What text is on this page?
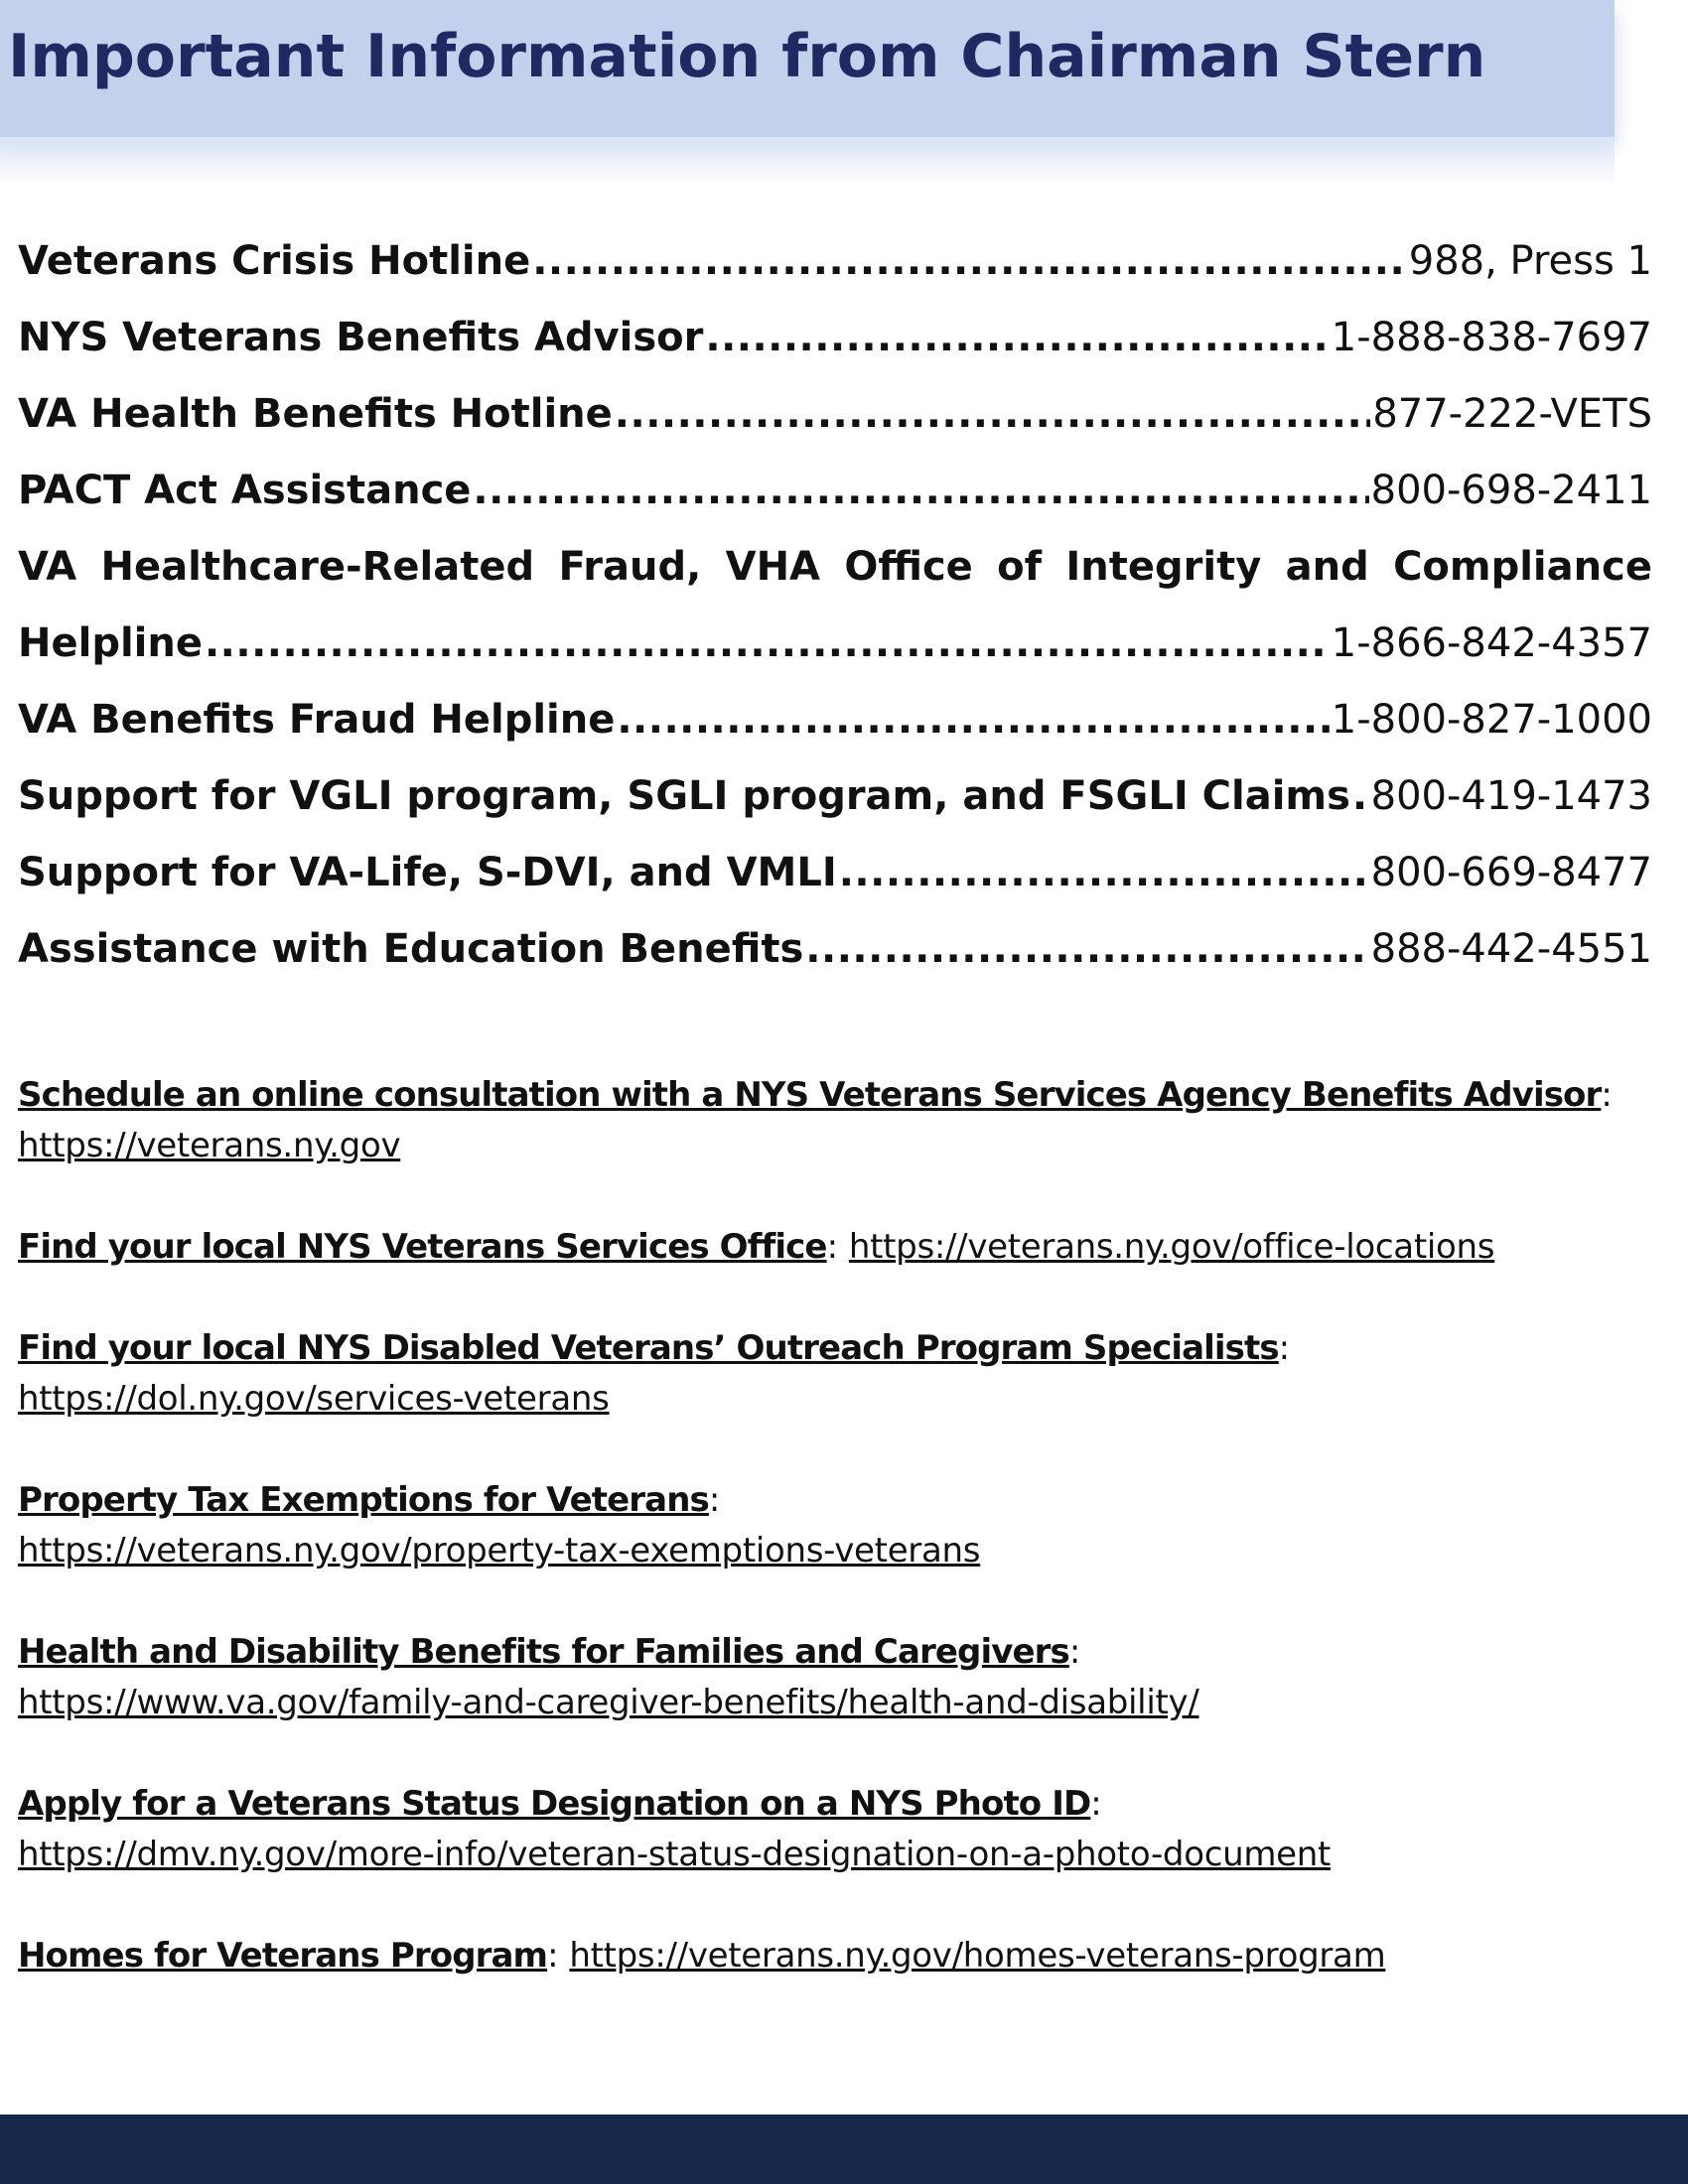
Important Information from Chairman Stern
Veterans Crisis Hotline .....	988, Press 1
NYS Veterans Benefits Advisor .....	1-888-838-7697
VA Health Benefits Hotline .....	877-222-VETS
PACT Act Assistance .....	800-698-2411
VA Healthcare-Related Fraud, VHA Office of Integrity and Compliance
Helpline .....	1-866-842-4357
VA Benefits Fraud Helpline .....	1-800-827-1000
Support for VGLI program, SGLI program, and FSGLI Claims ..... 800-419-1473
Support for VA-Life, S-DVI, and VMLI .....	800-669-8477
Assistance with Education Benefits .....	888-442-4551
Schedule an online consultation with a NYS Veterans Services Agency Benefits Advisor:
https://veterans.ny.gov
Find your local NYS Veterans Services Office: https://veterans.ny.gov/office-locations
Find your local NYS Disabled Veterans’ Outreach Program Specialists:
https://dol.ny.gov/services-veterans
Property Tax Exemptions for Veterans:
https://veterans.ny.gov/property-tax-exemptions-veterans
Health and Disability Benefits for Families and Caregivers:
https://www.va.gov/family-and-caregiver-benefits/health-and-disability/
Apply for a Veterans Status Designation on a NYS Photo ID:
https://dmv.ny.gov/more-info/veteran-status-designation-on-a-photo-document
Homes for Veterans Program: https://veterans.ny.gov/homes-veterans-program
